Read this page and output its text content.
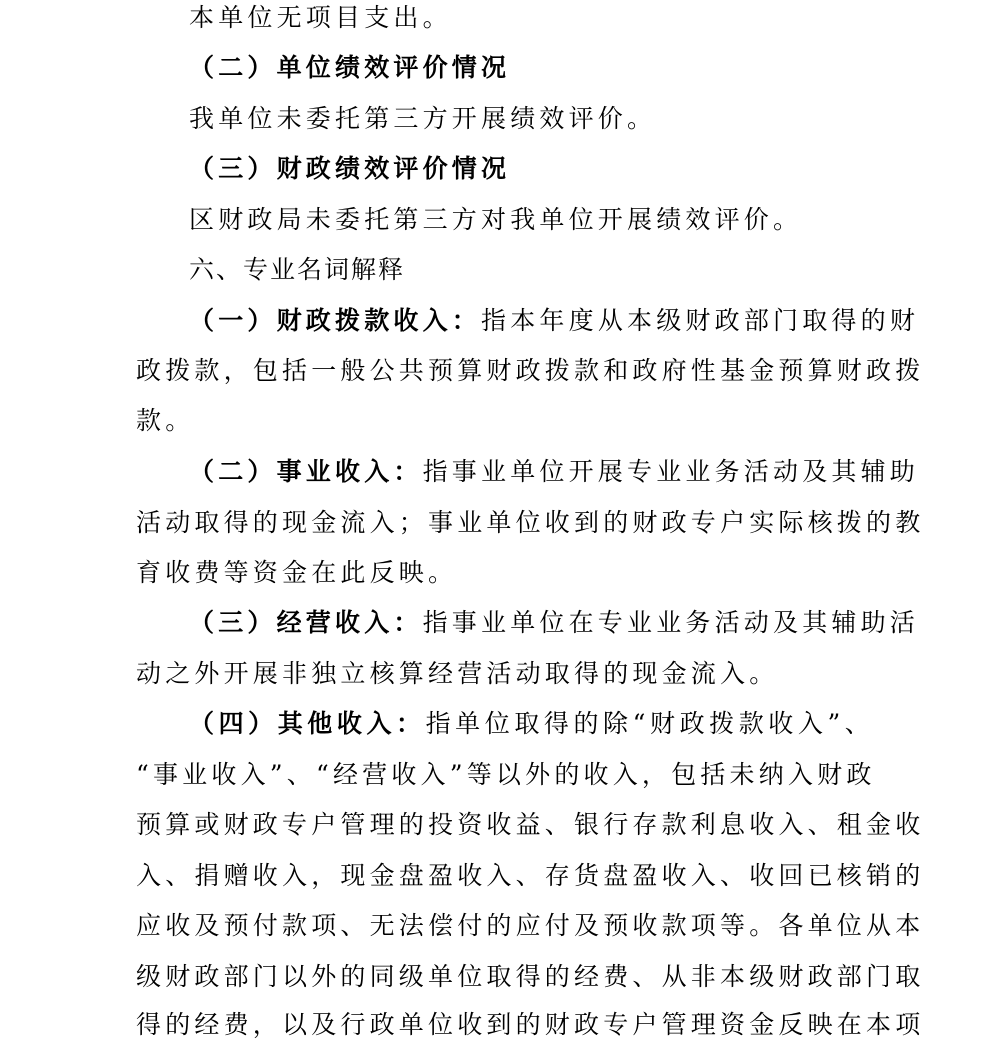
本单位无项目支出。
（二）单位绩效评价情况
我单位未委托第三方开展绩效评价。
（三）财政绩效评价情况
区财政局未委托第三方对我单位开展绩效评价。
六、专业名词解释
（一）财政拨款收入：指本年度从本级财政部门取得的财
政拨款，包括一般公共预算财政拨款和政府性基金预算财政拨
款。
（二）事业收入：指事业单位开展专业业务活动及其辅助
活动取得的现金流入；事业单位收到的财政专户实际核拨的教
育收费等资金在此反映。
（三）经营收入：指事业单位在专业业务活动及其辅助活
动之外开展非独立核算经营活动取得的现金流入。
（四）其他收入：指单位取得的除“财政拨款收入”、
“事业收入”、“经营收入”等以外的收入，包括未纳入财政
预算或财政专户管理的投资收益、银行存款利息收入、租金收
入、捐赠收入，现金盘盈收入、存货盘盈收入、收回已核销的
应收及预付款项、无法偿付的应付及预收款项等。各单位从本
级财政部门以外的同级单位取得的经费、从非本级财政部门取
得的经费，以及行政单位收到的财政专户管理资金反映在本项
